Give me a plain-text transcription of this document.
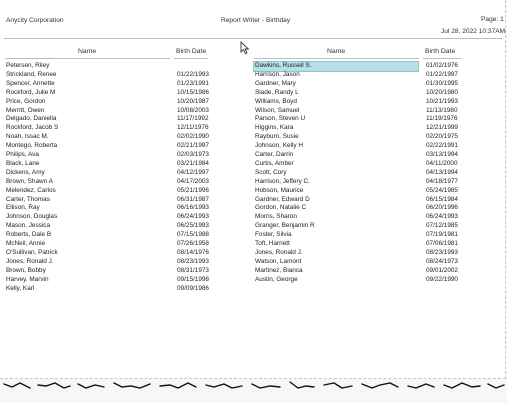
Anycity Corporation	Report Writer - Birthday	Page: 1
Jul 28, 2022 10:37AM
Name	Birth Date	Name	Birth Date
Petersen, Riley
Strickland, Renee	01/22/1993
Spencer, Annette	01/23/1991
Rockford, Julie M	10/15/1986
Price, Gordon	10/20/1987
Merritt, Owen	10/08/2003
Delgado, Daniella	11/17/1992
Rockford, Jacob S	12/11/1976
Noah, Issac M.	02/02/1990
Montego, Roberta	02/21/1997
Philips, Ava	02/03/1973
Black, Lane	03/21/1984
Dickens, Amy	04/12/1997
Brown, Shawn A	04/17/2003
Melendez, Carlos	05/21/1996
Carter, Thomas	06/31/1987
Ellison, Ray	06/16/1993
Johnson, Douglas	06/24/1993
Mason, Jessica	06/25/1993
Roberts, Dale B	07/15/1988
McNeil, Annie	07/26/1958
O'Sullivan, Patrick	08/14/1976
Jones, Ronald J.	08/23/1993
Brown, Bobby	08/31/1973
Harvey, Marvin	09/15/1998
Kelly, Karl	09/09/1986
Dawkins, Russell S.	01/02/1976
Harrison, Jason	01/22/1997
Gardner, Mary	01/30/1995
Slade, Randy L	10/20/1980
Williams, Boyd	10/21/1993
Wilson, Samuel	11/13/1980
Parson, Steven U	11/19/1976
Higgins, Kara	12/21/1999
Rayburn, Susie	02/20/1975
Johnson, Kelly H	02/22/1991
Carter, Darrin	03/13/1994
Curtis, Amber	04/11/2000
Scott, Cory	04/13/1994
Harrison, Jeffery C.	04/18/1977
Hobson, Maurice	05/24/1985
Gardner, Edward D	06/15/1984
Gordon, Natalie C	06/20/1996
Morris, Sharon	06/24/1993
Granger, Benjamin R	07/12/1985
Foster, Silvia	07/19/1981
Toft, Harriett	07/06/1981
Jones, Ronald J.	08/23/1993
Watson, Lamont	08/24/1973
Martinez, Bianca	09/01/2002
Austin, George	09/22/1990
